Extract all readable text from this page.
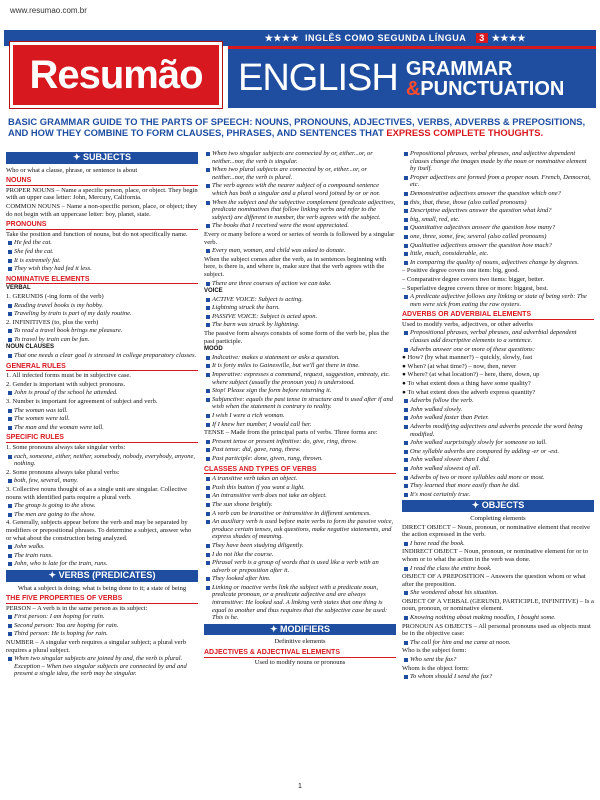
www.resumao.com.br
★★★★ INGLÊS COMO SEGUNDA LÍNGUA	3 ★★★★
Resumão ENGLISH GRAMMAR
&PUNCTUATION
BASIC GRAMMAR GUIDE TO THE PARTS OF SPEECH: NOUNS, PRONOUNS, ADJECTIVES, VERBS, ADVERBS & PREPOSITIONS, AND HOW THEY COMBINE TO FORM CLAUSES, PHRASES, AND SENTENCES THAT EXPRESS COMPLETE THOUGHTS.
✦ SUBJECTS

Who or what a clause, phrase, or sentence is about

NOUNS

PROPER NOUNS – Name a specific person, place, or object. They begin with an upper case letter: John, Mercury, California.

COMMON NOUNS – Name a non-specific person, place, or object; they do not begin with an uppercase letter: boy, planet, state.

PRONOUNS

Take the position and function of nouns, but do not specifically name.

He fed the cat.

She fed the cat.

It is extremely fat.

They wish they had fed it less.

NOMINATIVE ELEMENTS
VERBAL

1. GERUNDS (-ing form of the verb)

Reading travel books is my hobby.

Traveling by train is part of my daily routine.

2. INFINITIVES (to, plus the verb)

To read a travel book brings me pleasure.

To travel by train can be fun.

NOUN CLAUSES

That one needs a clear goal is stressed in college preparatory classes.

GENERAL RULES

1. All infected forms must be in subjective case.

2. Gender is important with subject pronouns.

John is proud of the school he attended.

3. Number is important for agreement of subject and verb.

The woman was tall.

The women were tall.

The man and the woman were tall.

SPECIFIC RULES

1. Some pronouns always take singular verbs:

each, someone, either, neither, somebody, nobody, everybody, anyone, nothing.

2. Some pronouns always take plural verbs:

both, few, several, many.

3. Collective nouns thought of as a single unit are singular. Collective nouns with identified parts require a plural verb.

The group is going to the show.

The men are going to the show.

4. Generally, subjects appear before the verb and may be separated by modifiers or prepositional phrases. To determine a subject, answer who or what about the construction being analyzed.

John walks.

The train runs.

John, who is late for the train, runs.

✦ VERBS (PREDICATES)

What a subject is doing; what is being done to it; a state of being

THE FIVE PROPERTIES OF VERBS

PERSON – A verb is in the same person as its subject:

First person: I am hoping for rain.

Second person: You are hoping for rain.

Third person: He is hoping for rain.

NUMBER – A singular verb requires a singular subject; a plural verb requires a plural subject.

When two singular subjects are joined by and, the verb is plural. Exception – When two singular subjects are connected by and and present a single idea, the verb may be singular.

When two singular subjects are connected by or, either...or, or neither...nor, the verb is singular.

When two plural subjects are connected by or, either...or, or neither...nor, the verb is plural.

The verb agrees with the nearer subject of a compound sentence which has both a singular and a plural word joined by or or nor.

When the subject and the subjective complement (predicate adjectives, predicate nominatives that follow linking verbs and refer to the subject) are different in number, the verb agrees with the subject.

The books that I received were the most appreciated.

Every or many before a word or series of words is followed by a singular verb.

Every man, woman, and child was asked to donate.

When the subject comes after the verb, as in sentences beginning with here, is there is, and where is, make sure that the verb agrees with the subject.

There are three courses of action we can take.

VOICE

ACTIVE VOICE: Subject is acting.

Lightning struck the barn.

PASSIVE VOICE: Subject is acted upon.

The barn was struck by lightning.

The passive form always consists of some form of the verb be, plus the past participle.

MOOD

Indicative: makes a statement or asks a question.

It is forty miles to Gainesville, but we'll get there in time.

Imperative: expresses a command, request, suggestion, entreaty, etc. where subject (usually the pronoun you) is understood.

Stop! Please sign the form before returning it.

Subjunctive: equals the past tense in structure and is used after if and wish when the statement is contrary to reality.

I wish I were a rich woman.

If I knew her number, I would call her.

TENSE – Made from the principal parts of verbs. Three forms are:

Present tense or present infinitive: do, give, ring, throw.

Past tense: did, gave, rang, threw.

Past participle: done, given, rung, thrown.

CLASSES AND TYPES OF VERBS

A transitive verb takes an object.

Push this button if you want a light.

An intransitive verb does not take an object.

The sun shone brightly.

A verb can be transitive or intransitive in different sentences.

An auxiliary verb is used before main verbs to form the passive voice, produce certain tenses, ask questions, make negative statements, and express shades of meaning.

They have been studying diligently.

I do not like the course.

Phrasal verb is a group of words that is used like a verb with an adverb or preposition after it.

They looked after him.

Linking or inactive verbs link the subject with a predicate noun, predicate pronoun, or a predicate adjective and are always intransitive: He looked sad. A linking verb states that one thing is equal to another and thus requires that the subjective case be used: This is he.

✦ MODIFIERS

Definitive elements

ADJECTIVES & ADJECTIVAL ELEMENTS

Used to modify nouns or pronouns

Prepositional phrases, verbal phrases, and adjective dependent clauses change the images made by the noun or nominative element by itself.

Proper adjectives are formed from a proper noun. French, Democrat, etc.

Demonstrative adjectives answer the question which one?

this, that, these, those (also called pronouns)

Descriptive adjectives answer the question what kind?

big, small, red, etc.

Quantitative adjectives answer the question how many?

one, three, some, few, several (also called pronouns)

Qualitative adjectives answer the question how much?

little, much, considerable, etc.

In comparing the quality of nouns, adjectives change by degrees.

– Positive degree covers one item: big, good.

– Comparative degree covers two items: bigger, better.

– Superlative degree covers three or more: biggest, best.

A predicate adjective follows any linking or state of being verb: The men were sick from eating the raw oysters.

ADVERBS OR ADVERBIAL ELEMENTS

Used to modify verbs, adjectives, or other adverbs

Prepositional phrases, verbal phrases, and adverbial dependent clauses add descriptive elements to a sentence.

Adverbs answer one or more of these questions:

● How? (by what manner?) – quickly, slowly, fast

● When? (at what time?) – now, then, never

● Where? (at what location?) – here, there, down, up

● To what extent does a thing have some quality?

● To what extent does the adverb express quantity?

Adverbs follow the verb.

John walked slowly.

John walked faster than Peter.

Adverbs modifying adjectives and adverbs precede the word being modified.

John walked surprisingly slowly for someone so tall.

One syllable adverbs are compared by adding -er or -est.

John walked slower than I did.

John walked slowest of all.

Adverbs of two or more syllables add more or most.

They learned that more easily than he did.

It's most certainly true.

✦ OBJECTS

Completing elements

DIRECT OBJECT – Noun, pronoun, or nominative element that receive the action expressed in the verb.

I have read the book.

INDIRECT OBJECT – Noun, pronoun, or nominative element for or to whom or to what the action in the verb was done.

I read the class the entire book.

OBJECT OF A PREPOSITION – Answers the question whom or what after the preposition.

She wondered about his situation.

OBJECT OF A VERBAL (GERUND, PARTICIPLE, INFINITIVE) – Is a noun, pronoun, or nominative element.

Knowing nothing about making noodles, I bought some.

PRONOUN AS OBJECTS – All personal pronouns used as objects must be in the objective case:

The call for him and me came at noon.

Who is the subject form:

Who sent the fax?

Whom is the object form:

To whom should I send the fax?

1
